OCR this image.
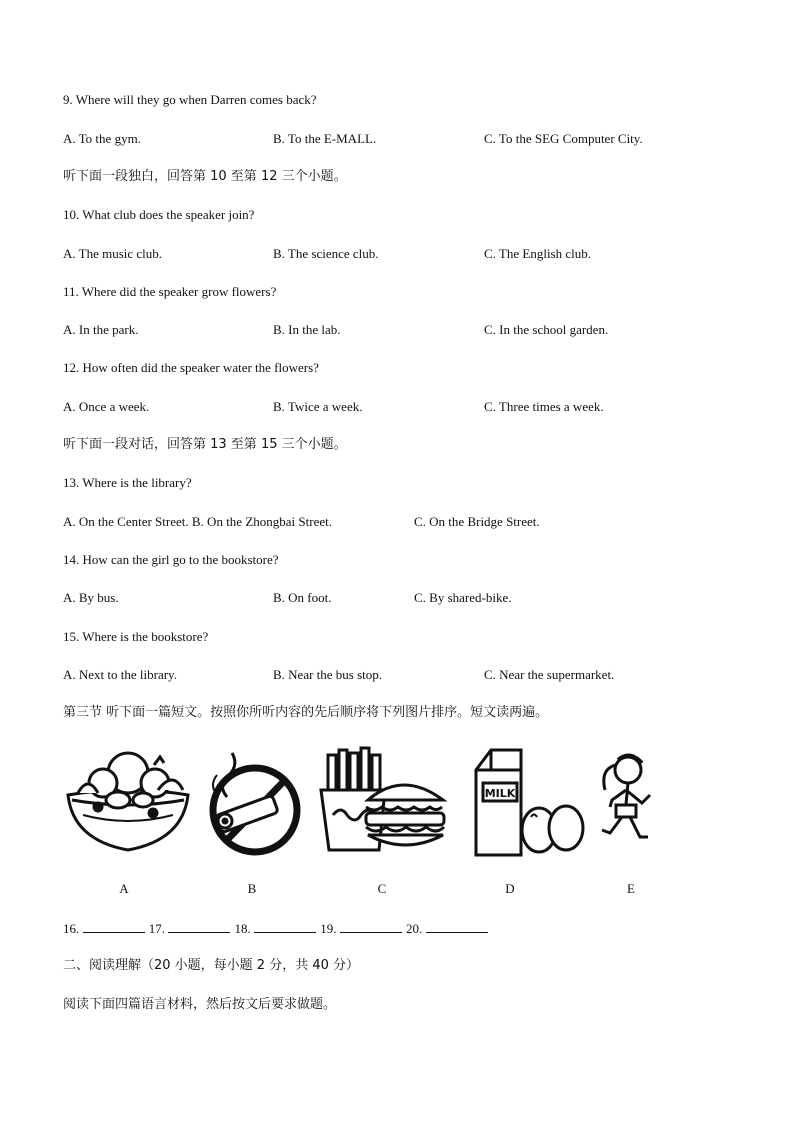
9. Where will they go when Darren comes back?
A. To the gym.	B. To the E-MALL.	C. To the SEG Computer City.
听下面一段独白，回答第 10 至第 12 三个小题。
10. What club does the speaker join?
A. The music club.	B. The science club.	C. The English club.
11. Where did the speaker grow flowers?
A. In the park.	B. In the lab.	C. In the school garden.
12. How often did the speaker water the flowers?
A. Once a week.	B. Twice a week.	C. Three times a week.
听下面一段对话，回答第 13 至第 15 三个小题。
13. Where is the library?
A. On the Center Street. B. On the Zhongbai Street.	C. On the Bridge Street.
14. How can the girl go to the bookstore?
A. By bus.	B. On foot.	C. By shared-bike.
15. Where is the bookstore?
A. Next to the library.	B. Near the bus stop.	C. Near the supermarket.
第三节 听下面一篇短文。按照你所听内容的先后顺序将下列图片排序。短文读两遍。
MILK
A	B	C	D	E
16.	17.	18.	19.	20.
二、阅读理解（20 小题，每小题 2 分，共 40 分）
阅读下面四篇语言材料，然后按文后要求做题。
